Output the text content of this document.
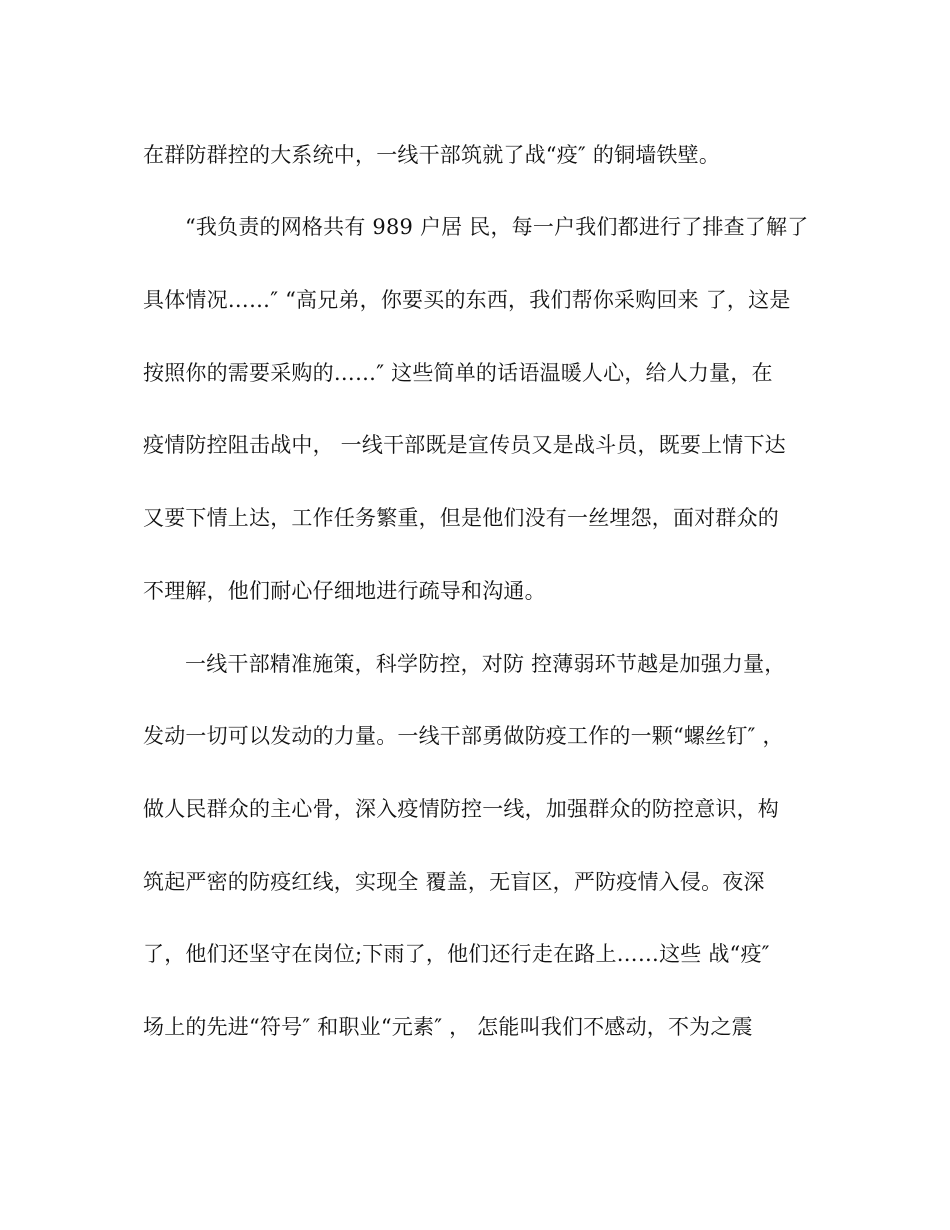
在群防群控的大系统中，一线干部筑就了战“疫″ 的铜墙铁壁。
“我负责的网格共有 989 户居 民，每一户我们都进行了排查了解了
具体情况……″ “高兄弟，你要买的东西，我们帮你采购回来 了，这是
按照你的需要采购的……″ 这些简单的话语温暖人心，给人力量，在
疫情防控阻击战中， 一线干部既是宣传员又是战斗员，既要上情下达
又要下情上达，工作任务繁重，但是他们没有一丝埋怨，面对群众的
不理解，他们耐心仔细地进行疏导和沟通。
一线干部精准施策，科学防控，对防 控薄弱环节越是加强力量，
发动一切可以发动的力量。一线干部勇做防疫工作的一颗“螺丝钉″ ，
做人民群众的主心骨，深入疫情防控一线，加强群众的防控意识，构
筑起严密的防疫红线，实现全 覆盖，无盲区，严防疫情入侵。夜深
了，他们还坚守在岗位;下雨了，他们还行走在路上……这些 战“疫″
场上的先进“符号″ 和职业“元素″ ， 怎能叫我们不感动，不为之震
